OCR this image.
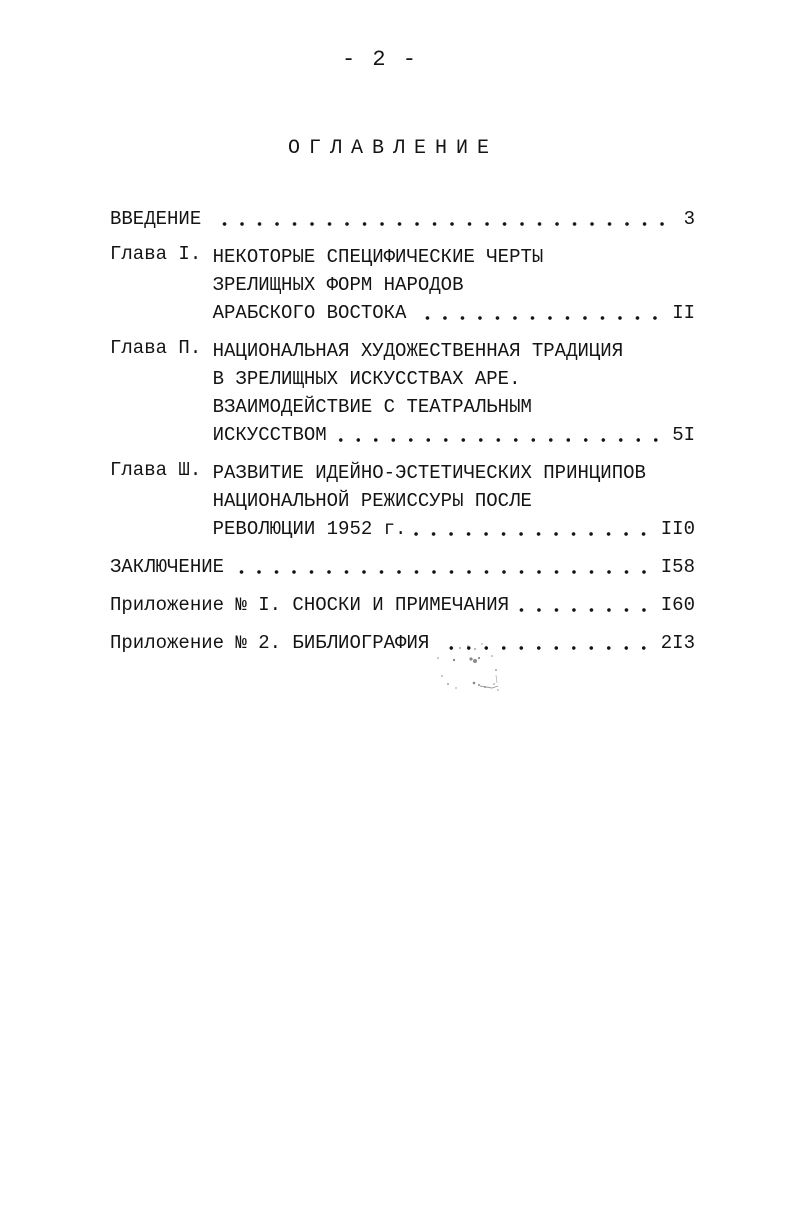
- 2 -
ОГЛАВЛЕНИЕ
ВВЕДЕНИЕ	3
Глава I. НЕКОТОРЫЕ СПЕЦИФИЧЕСКИЕ ЧЕРТЫ
ЗРЕЛИЩНЫХ ФОРМ НАРОДОВ
АРАБСКОГО ВОСТОКА	II
Глава П. НАЦИОНАЛЬНАЯ ХУДОЖЕСТВЕННАЯ ТРАДИЦИЯ
В ЗРЕЛИЩНЫХ ИСКУССТВАХ АРЕ.
ВЗАИМОДЕЙСТВИЕ С ТЕАТРАЛЬНЫМ
ИСКУССТВОМ	5I
Глава Ш. РАЗВИТИЕ ИДЕЙНО-ЭСТЕТИЧЕСКИХ ПРИНЦИПОВ
НАЦИОНАЛЬНОЙ РЕЖИССУРЫ ПОСЛЕ
РЕВОЛЮЦИИ 1952 г.	II0
ЗАКЛЮЧЕНИЕ	I58
Приложение № I. СНОСКИ И ПРИМЕЧАНИЯ	I60
Приложение № 2. БИБЛИОГРАФИЯ	2I3
